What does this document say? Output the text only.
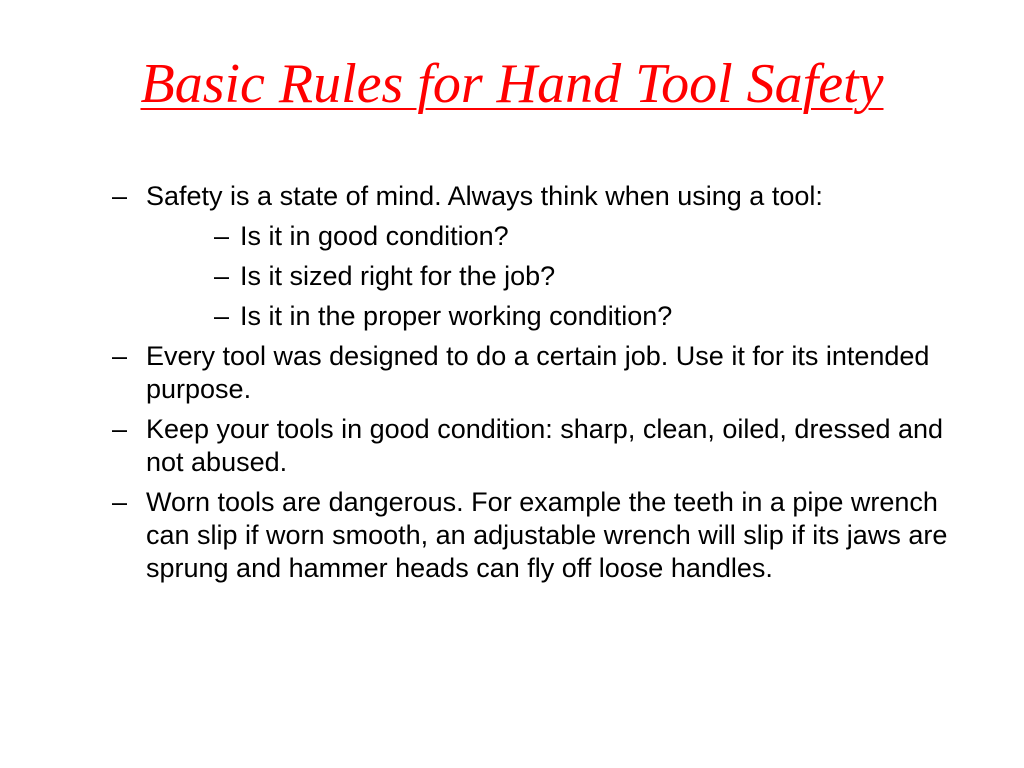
Basic Rules for Hand Tool Safety
– Safety is a state of mind. Always think when using a tool:
– Is it in good condition?
– Is it sized right for the job?
– Is it in the proper working condition?
– Every tool was designed to do a certain job. Use it for its intended purpose.
– Keep your tools in good condition: sharp, clean, oiled, dressed and not abused.
– Worn tools are dangerous. For example the teeth in a pipe wrench can slip if worn smooth, an adjustable wrench will slip if its jaws are sprung and hammer heads can fly off loose handles.
